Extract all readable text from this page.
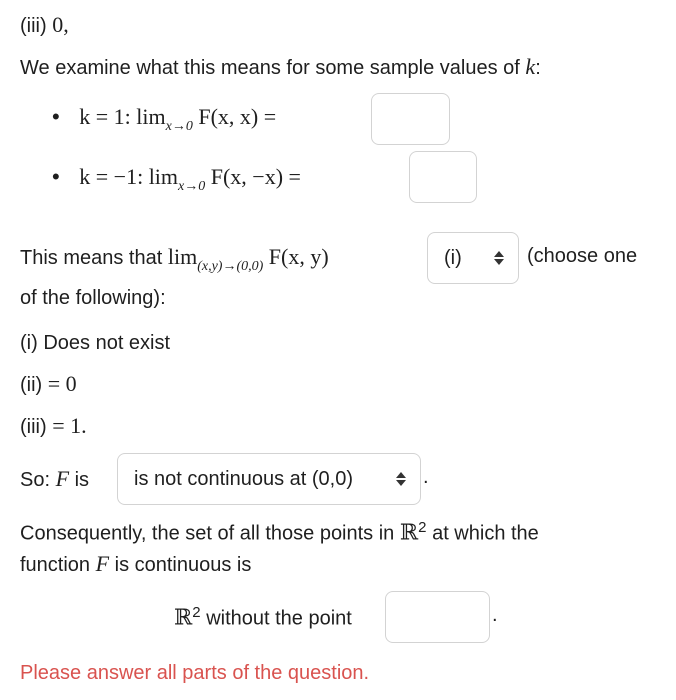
(iii) 0,
We examine what this means for some sample values of k:
• k = 1: $\lim_{x\to 0} F(x$, x) =
• k = −1: $\lim_{x\to 0} F(x$, −x) =
This means that $\lim_{(x,y)\to(0,0)} F(x$, y)	(i)	(choose one
of the following):
(i) Does not exist
(ii) = 0
(iii) = 1.
So: F is is not continuous at (0,0)	.
Consequently, the set of all those points in ℝ$^2$ at which the
function F is continuous is
ℝ$^2$ without the point	.
Please answer all parts of the question.
